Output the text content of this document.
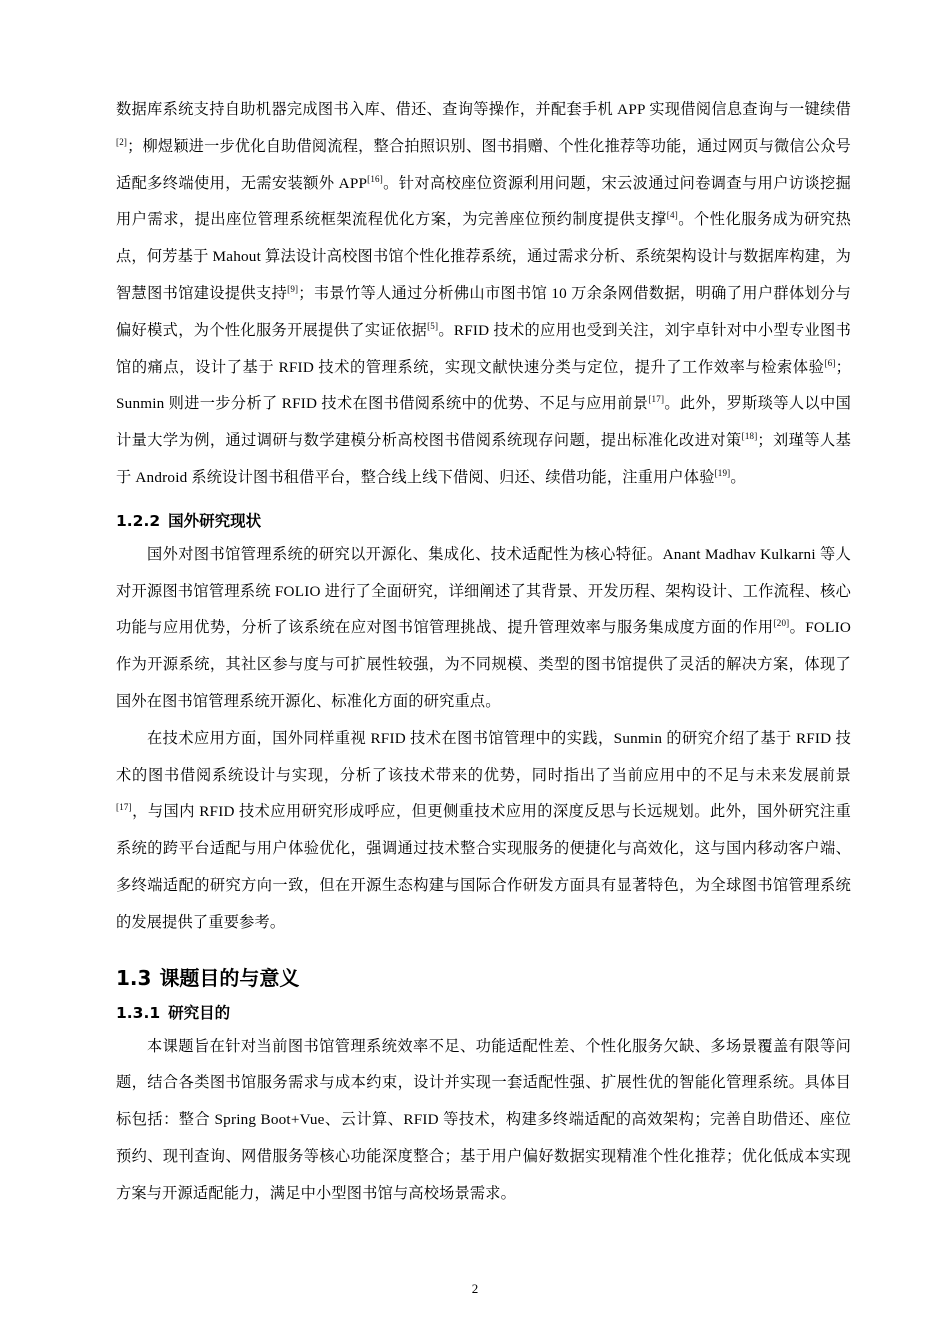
数据库系统支持自助机器完成图书入库、借还、查询等操作，并配套手机 APP 实现借阅信息查询与一键续借[2]；柳煜颖进一步优化自助借阅流程，整合拍照识别、图书捐赠、个性化推荐等功能，通过网页与微信公众号适配多终端使用，无需安装额外 APP[16]。针对高校座位资源利用问题，宋云波通过问卷调查与用户访谈挖掘用户需求，提出座位管理系统框架流程优化方案，为完善座位预约制度提供支撑[4]。个性化服务成为研究热点，何芳基于 Mahout 算法设计高校图书馆个性化推荐系统，通过需求分析、系统架构设计与数据库构建，为智慧图书馆建设提供支持[9]；韦景竹等人通过分析佛山市图书馆 10 万余条网借数据，明确了用户群体划分与偏好模式，为个性化服务开展提供了实证依据[5]。RFID 技术的应用也受到关注，刘宇卓针对中小型专业图书馆的痛点，设计了基于 RFID 技术的管理系统，实现文献快速分类与定位，提升了工作效率与检索体验[6]；Sunmin 则进一步分析了 RFID 技术在图书借阅系统中的优势、不足与应用前景[17]。此外，罗斯琰等人以中国计量大学为例，通过调研与数学建模分析高校图书借阅系统现存问题，提出标准化改进对策[18]；刘瑾等人基于 Android 系统设计图书租借平台，整合线上线下借阅、归还、续借功能，注重用户体验[19]。

1.2.2 国外研究现状

国外对图书馆管理系统的研究以开源化、集成化、技术适配性为核心特征。Anant Madhav Kulkarni 等人对开源图书馆管理系统 FOLIO 进行了全面研究，详细阐述了其背景、开发历程、架构设计、工作流程、核心功能与应用优势，分析了该系统在应对图书馆管理挑战、提升管理效率与服务集成度方面的作用[20]。FOLIO 作为开源系统，其社区参与度与可扩展性较强，为不同规模、类型的图书馆提供了灵活的解决方案，体现了国外在图书馆管理系统开源化、标准化方面的研究重点。

在技术应用方面，国外同样重视 RFID 技术在图书馆管理中的实践，Sunmin 的研究介绍了基于 RFID 技术的图书借阅系统设计与实现，分析了该技术带来的优势，同时指出了当前应用中的不足与未来发展前景[17]，与国内 RFID 技术应用研究形成呼应，但更侧重技术应用的深度反思与长远规划。此外，国外研究注重系统的跨平台适配与用户体验优化，强调通过技术整合实现服务的便捷化与高效化，这与国内移动客户端、多终端适配的研究方向一致，但在开源生态构建与国际合作研发方面具有显著特色，为全球图书馆管理系统的发展提供了重要参考。

1.3 课题目的与意义
1.3.1 研究目的

本课题旨在针对当前图书馆管理系统效率不足、功能适配性差、个性化服务欠缺、多场景覆盖有限等问题，结合各类图书馆服务需求与成本约束，设计并实现一套适配性强、扩展性优的智能化管理系统。具体目标包括：整合 Spring Boot+Vue、云计算、RFID 等技术，构建多终端适配的高效架构；完善自助借还、座位预约、现刊查询、网借服务等核心功能深度整合；基于用户偏好数据实现精准个性化推荐；优化低成本实现方案与开源适配能力，满足中小型图书馆与高校场景需求。

2
